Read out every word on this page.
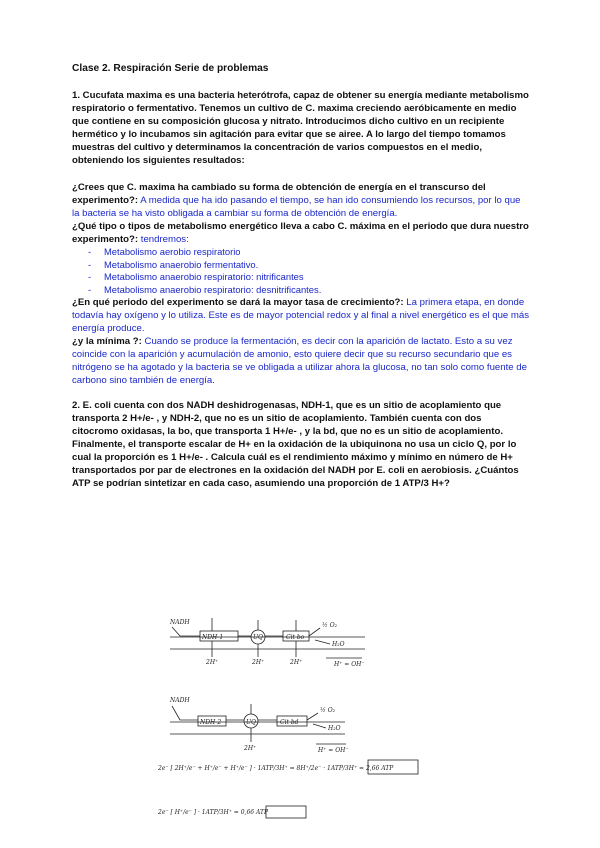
Clase 2. Respiración Serie de problemas

1. Cucufata maxima es una bacteria heterótrofa, capaz de obtener su energía mediante metabolismo respiratorio o fermentativo. Tenemos un cultivo de C. maxima creciendo aeróbicamente en medio que contiene en su composición glucosa y nitrato. Introducimos dicho cultivo en un recipiente hermético y lo incubamos sin agitación para evitar que se airee. A lo largo del tiempo tomamos muestras del cultivo y determinamos la concentración de varios compuestos en el medio, obteniendo los siguientes resultados:

¿Crees que C. maxima ha cambiado su forma de obtención de energía en el transcurso del experimento?: A medida que ha ido pasando el tiempo, se han ido consumiendo los recursos, por lo que la bacteria se ha visto obligada a cambiar su forma de obtención de energía.

¿Qué tipo o tipos de metabolismo energético lleva a cabo C. máxima en el periodo que dura nuestro experimento?: tendremos:

- Metabolismo aerobio respiratorio
- Metabolismo anaerobio fermentativo.
- Metabolismo anaerobio respiratorio: nitrificantes
- Metabolismo anaerobio respiratorio: desnitrificantes.

¿En qué periodo del experimento se dará la mayor tasa de crecimiento?: La primera etapa, en donde todavía hay oxígeno y lo utiliza. Este es de mayor potencial redox y al final a nivel energético es el que más energía produce.

¿y la mínima ?: Cuando se produce la fermentación, es decir con la aparición de lactato. Esto a su vez coincide con la aparición y acumulación de amonio, esto quiere decir que su recurso secundario que es nitrógeno se ha agotado y la bacteria se ve obligada a utilizar ahora la glucosa, no tan solo como fuente de carbono sino también de energía.

2. E. coli cuenta con dos NADH deshidrogenasas, NDH-1, que es un sitio de acoplamiento que transporta 2 H+/e- , y NDH-2, que no es un sitio de acoplamiento. También cuenta con dos citocromo oxidasas, la bo, que transporta 1 H+/e- , y la bd, que no es un sitio de acoplamiento. Finalmente, el transporte escalar de H+ en la oxidación de la ubiquinona no usa un ciclo Q, por lo cual la proporción es 1 H+/e- . Calcula cuál es el rendimiento máximo y mínimo en número de H+ transportados por par de electrones en la oxidación del NADH por E. coli en aerobiosis. ¿Cuántos ATP se podrían sintetizar en cada caso, asumiendo una proporción de 1 ATP/3 H+?

NADH
NDH-1	UQ	Cit bo
½ O₂
H₂O
2H⁺	2H⁺	2H⁺	H⁺ = OH⁻
NADH
NDH-2	UQ	Cit bd
½ O₂
H₂O
2H⁺	H⁺ = OH⁻
2e⁻ [ 2H⁺/e⁻ + H⁺/e⁻ + H⁺/e⁻ ] · 1ATP/3H⁺ = 8H⁺/2e⁻ · 1ATP/3H⁺ = 2,66 ATP
2e⁻ [ H⁺/e⁻ ] · 1ATP/3H⁺ = 0,66 ATP
